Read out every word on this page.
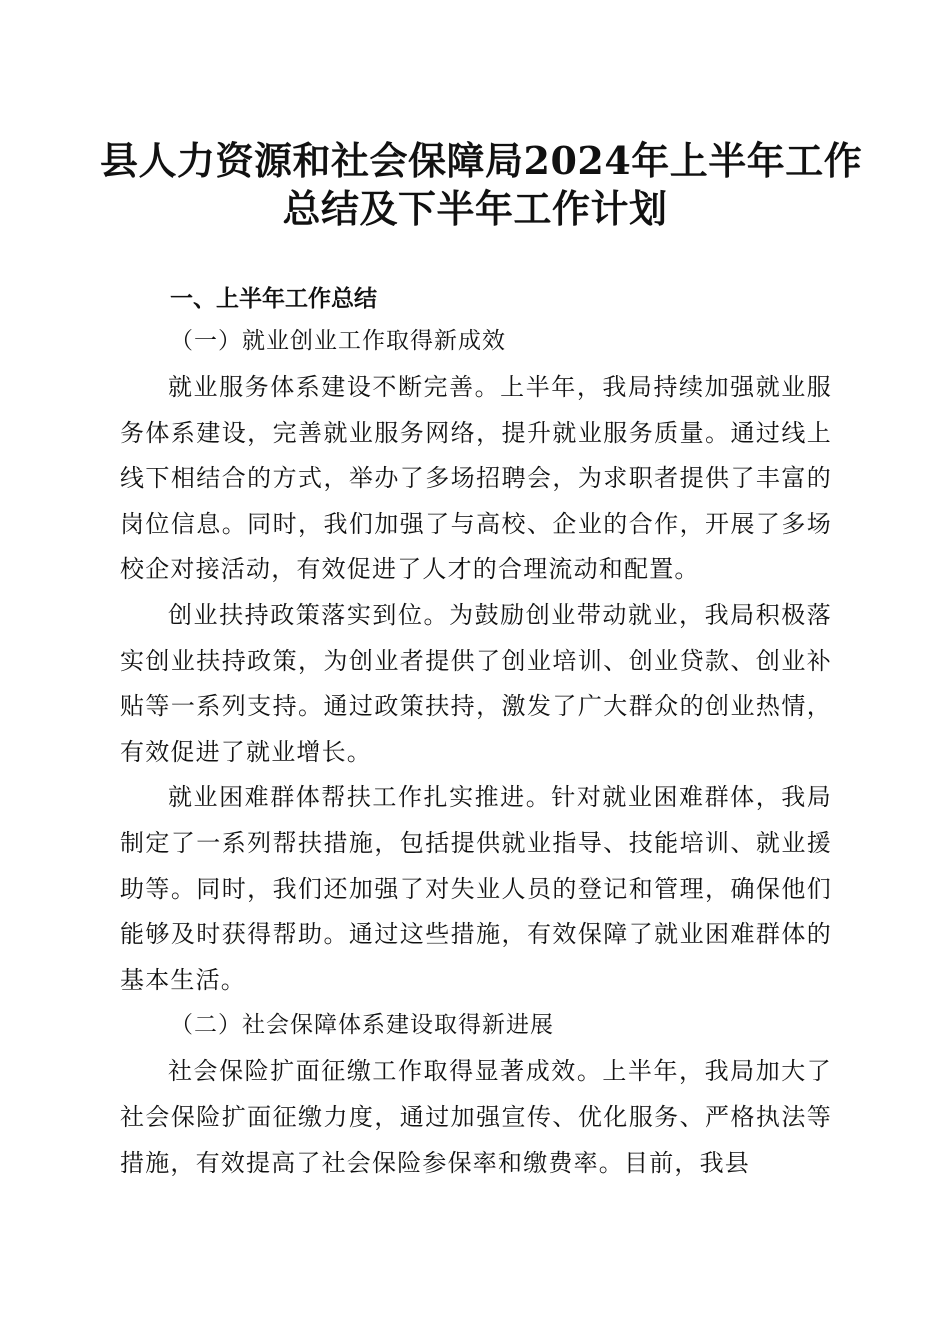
县人力资源和社会保障局2024年上半年工作
总结及下半年工作计划
一、上半年工作总结
（一）就业创业工作取得新成效

就业服务体系建设不断完善。上半年，我局持续加强就业服务体系建设，完善就业服务网络，提升就业服务质量。通过线上线下相结合的方式，举办了多场招聘会，为求职者提供了丰富的岗位信息。同时，我们加强了与高校、企业的合作，开展了多场校企对接活动，有效促进了人才的合理流动和配置。

创业扶持政策落实到位。为鼓励创业带动就业，我局积极落实创业扶持政策，为创业者提供了创业培训、创业贷款、创业补贴等一系列支持。通过政策扶持，激发了广大群众的创业热情，有效促进了就业增长。

就业困难群体帮扶工作扎实推进。针对就业困难群体，我局制定了一系列帮扶措施，包括提供就业指导、技能培训、就业援助等。同时，我们还加强了对失业人员的登记和管理，确保他们能够及时获得帮助。通过这些措施，有效保障了就业困难群体的基本生活。

（二）社会保障体系建设取得新进展

社会保险扩面征缴工作取得显著成效。上半年，我局加大了社会保险扩面征缴力度，通过加强宣传、优化服务、严格执法等措施，有效提高了社会保险参保率和缴费率。目前，我县
